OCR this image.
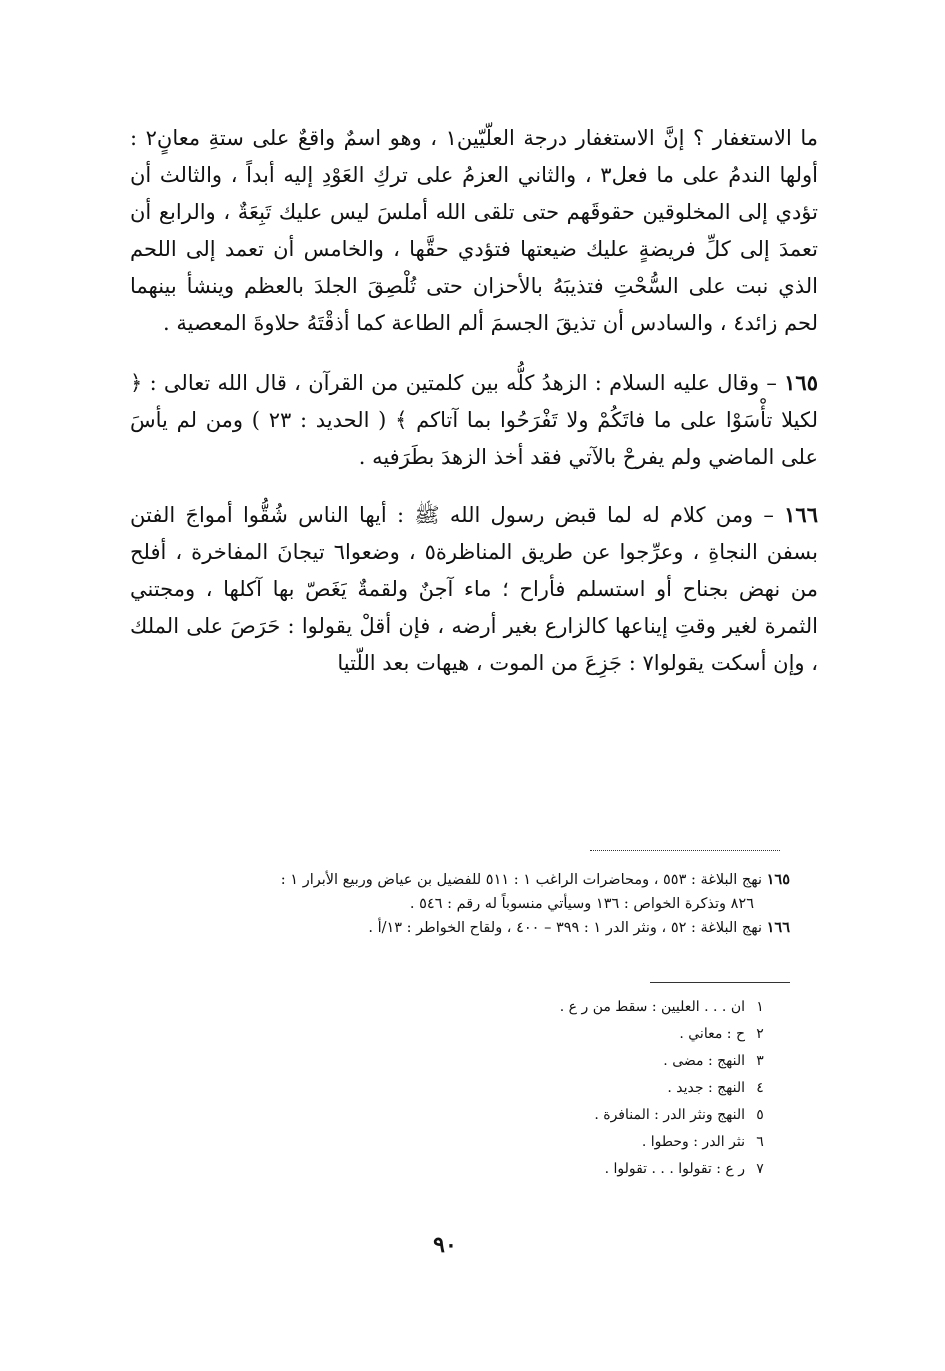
ما الاستغفار ؟ إنَّ الاستغفار درجة العلّيّين١ ، وهو اسمٌ واقعٌ على ستةِ معانٍ٢ : أولها الندمُ على ما فعل٣ ، والثاني العزمُ على تركِ العَوْدِ إليه أبداً ، والثالث أن تؤدي إلى المخلوقين حقوقَهم حتى تلقى الله أملسَ ليس عليك تَبِعَةٌ ، والرابع أن تعمدَ إلى كلِّ فريضةٍ عليك ضيعتها فتؤدي حقَّها ، والخامس أن تعمد إلى اللحم الذي نبت على السُّحْتِ فتذيبَهُ بالأحزان حتى تُلْصِقَ الجلدَ بالعظم وينشأ بينهما لحم زائد٤ ، والسادس أن تذيقَ الجسمَ ألم الطاعة كما أذقْتَهُ حلاوةَ المعصية .

١٦٥ – وقال عليه السلام : الزهدُ كلُّه بين كلمتين من القرآن ، قال الله تعالى : ﴿ لكيلا تأْسَوْا على ما فاتَكُمْ ولا تَفْرَحُوا بما آتاكم ﴾ ( الحديد : ٢٣ ) ومن لم يأسَ على الماضي ولم يفرحْ بالآتي فقد أخذ الزهدَ بطَرَفيه .

١٦٦ – ومن كلام له لما قبض رسول الله ﷺ : أيها الناس شُقُّوا أمواجَ الفتن بسفن النجاةِ ، وعرِّجوا عن طريق المناظرة٥ ، وضعوا٦ تيجانَ المفاخرة ، أفلح من نهض بجناح أو استسلم فأراح ؛ ماء آجنٌ ولقمةٌ يَغَصّ بها آكلها ، ومجتني الثمرة لغير وقتِ إيناعها كالزارع بغير أرضه ، فإن أقلْ يقولوا : حَرَصَ على الملك ، وإن أسكت يقولوا٧ : جَزِعَ من الموت ، هيهات بعد اللّتيا

١٦٥ نهج البلاغة : ٥٥٣ ، ومحاضرات الراغب ١ : ٥١١ للفضيل بن عياض وربيع الأبرار ١ :
٨٢٦ وتذكرة الخواص : ١٣٦ وسيأتي منسوباً له رقم : ٥٤٦ .

١٦٦ نهج البلاغة : ٥٢ ، ونثر الدر ١ : ٣٩٩ – ٤٠٠ ، ولقاح الخواطر : ١٣/أ .

١
ان . . . العليين : سقط من ر ع .
٢
ح : معاني .
٣
النهج : مضى .
٤
النهج : جديد .
٥
النهج ونثر الدر : المنافرة .
٦
نثر الدر : وحطوا .
٧
ر ع : تقولوا . . . تقولوا .
٩٠
